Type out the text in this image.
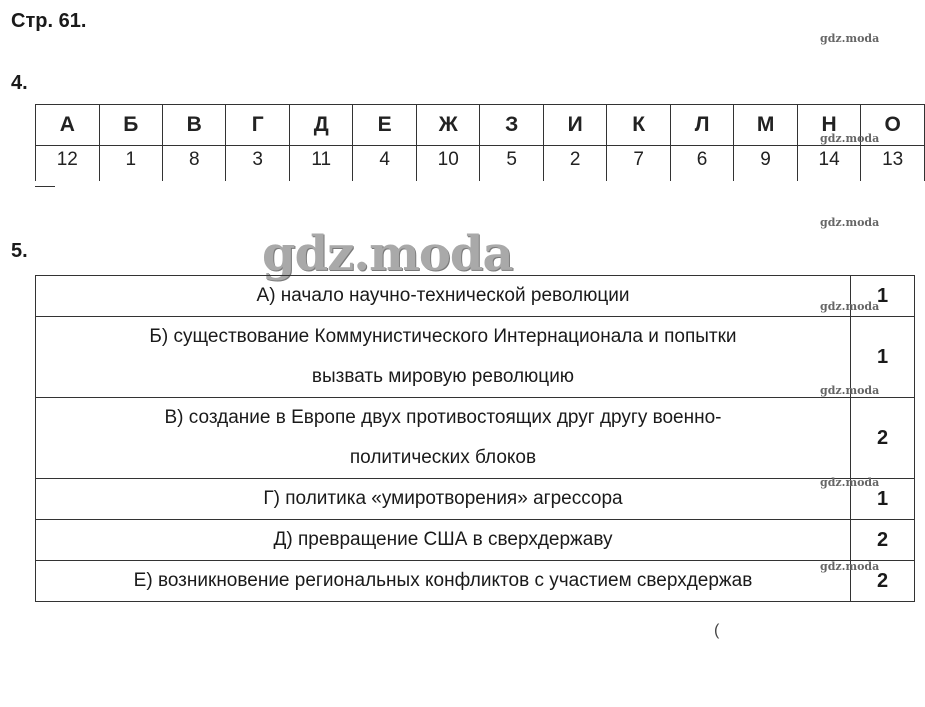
Стр. 61.
gdz.moda
4.
А	Б	В	Г	Д	Е	Ж	З	И	К	Л	М	Н	О
12	1	8	3	11	4	10	5	2	7	6	9	14	13
gdz.moda
gdz.moda
5.	gdz.moda
А) начало научно-технической революции	1

Б) существование Коммунистического Интернационала и попытки
вызвать мировую революцию	1

В) создание в Европе двух противостоящих друг другу военно-
политических блоков	2

Г) политика «умиротворения» агрессора	1

Д) превращение США в сверхдержаву	2

Е) возникновение региональных конфликтов с участием сверхдержав	2
gdz.moda
gdz.moda
gdz.moda
gdz.moda
(
